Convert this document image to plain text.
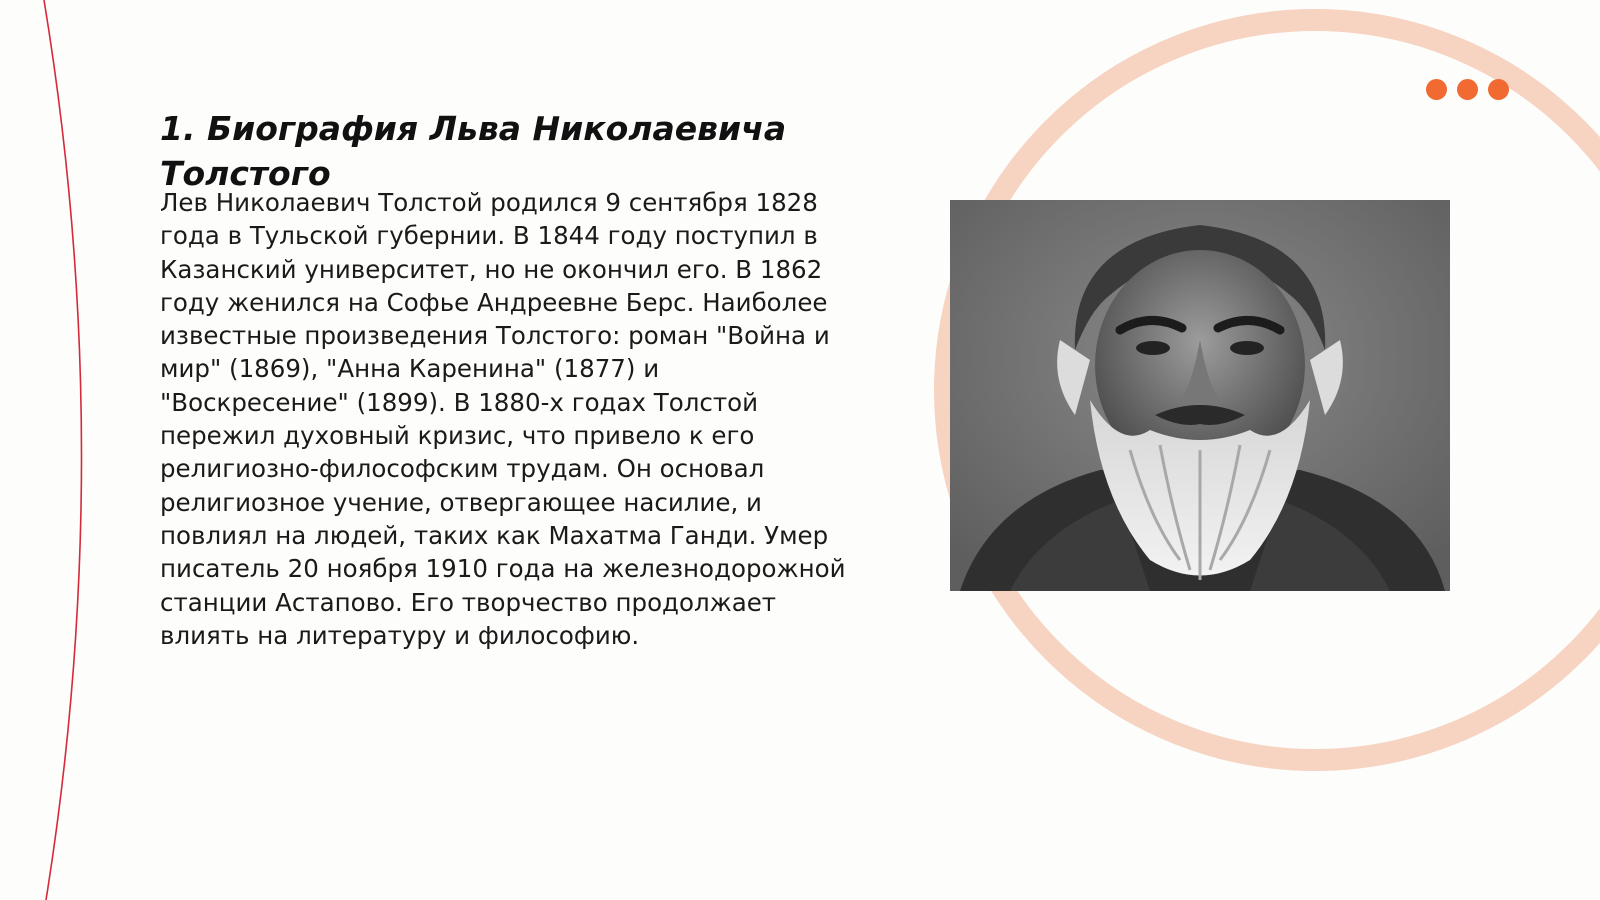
1. Биография Льва Николаевича Толстого

Лев Николаевич Толстой родился 9 сентября 1828 года в Тульской губернии. В 1844 году поступил в Казанский университет, но не окончил его. В 1862 году женился на Софье Андреевне Берс. Наиболее известные произведения Толстого: роман "Война и мир" (1869), "Анна Каренина" (1877) и "Воскресение" (1899). В 1880-х годах Толстой пережил духовный кризис, что привело к его религиозно-философским трудам. Он основал религиозное учение, отвергающее насилие, и повлиял на людей, таких как Махатма Ганди. Умер писатель 20 ноября 1910 года на железнодорожной станции Астапово. Его творчество продолжает влиять на литературу и философию.
